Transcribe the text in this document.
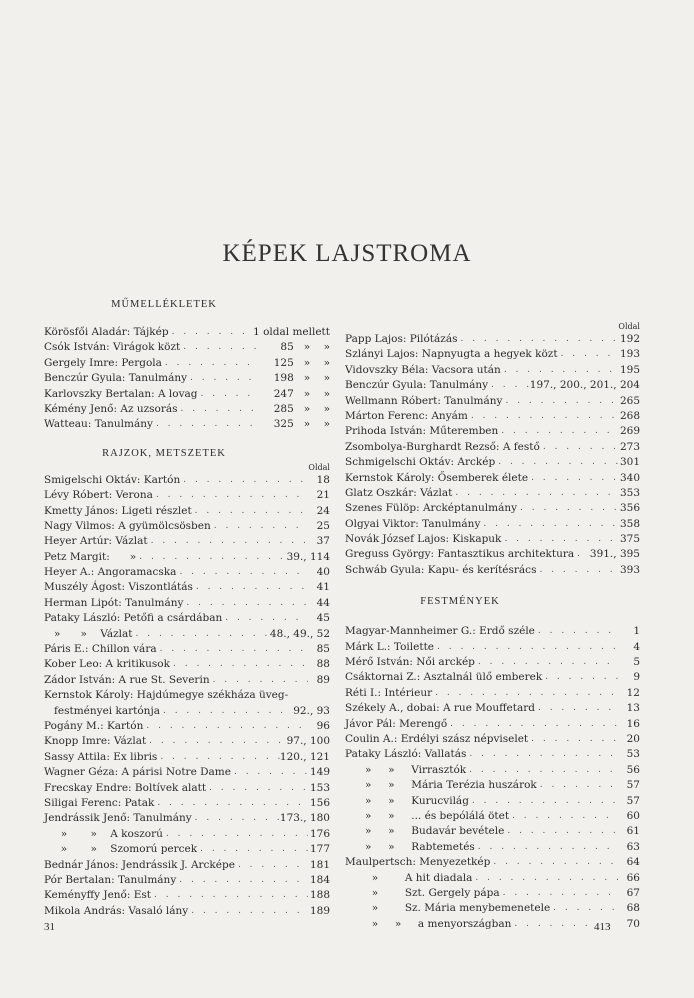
KÉPEK LAJSTROMA
MŰMELLÉKLETEK
Körösfői Aladár: Tájkép . . .	1 oldal mellett
Csók István: Virágok közt . . .	85   »    »
Gergely Imre: Pergola . . .	125   »    »
Benczúr Gyula: Tanulmány . . .	198   »    »
Karlovszky Bertalan: A lovag . . .	247   »    »
Kémény Jenő: Az uzsorás . . .	285   »    »
Watteau: Tanulmány . . .	325   »    »
RAJZOK, METSZETEK
Oldal
Smigelschi Oktáv: Kartón . . .	18
Lévy Róbert: Verona . . .	21
Kmetty János: Ligeti részlet . . .	24
Nagy Vilmos: A gyümölcsösben . . .	25
Heyer Artúr: Vázlat . . .	37
Petz Margit:      » . . .	39., 114
Heyer A.: Angoramacska . . .	40
Muszély Ágost: Viszontlátás . . .	41
Herman Lipót: Tanulmány . . .	44
Pataky László: Petőfi a csárdában . . .	45
»      »    Vázlat . . .	48., 49., 52
Páris E.: Chillon vára . . .	85
Kober Leo: A kritikusok . . .	88
Zádor István: A rue St. Severin . . .	89
Kernstok Károly: Hajdúmegye székháza üveg-
festményei kartónja . . .	92., 93
Pogány M.: Kartón . . .	96
Knopp Imre: Vázlat . . .	97., 100
Sassy Attila: Ex libris . . .	120., 121
Wagner Géza: A párisi Notre Dame . . .	149
Frecskay Endre: Boltívek alatt . . .	153
Siligai Ferenc: Patak . . .	156
Jendrássik Jenő: Tanulmány . . .	173., 180
»       »    A koszorú . . .	176
»       »    Szomorú percek . . .	177
Bednár János: Jendrássik J. Arcképe . . .	181
Pór Bertalan: Tanulmány . . .	184
Keményffy Jenő: Est . . .	188
Mikola András: Vasaló lány . . .	189
Oldal
Papp Lajos: Pilótázás . . .	192
Szlányi Lajos: Napnyugta a hegyek közt . . .	193
Vidovszky Béla: Vacsora után . . .	195
Benczúr Gyula: Tanulmány . . .	197., 200., 201., 204
Wellmann Róbert: Tanulmány . . .	265
Márton Ferenc: Anyám . . .	268
Prihoda István: Műteremben . . .	269
Zsombolya-Burghardt Rezső: A festő . . .	273
Schmigelschi Oktáv: Arckép . . .	301
Kernstok Károly: Ősemberek élete . . .	340
Glatz Oszkár: Vázlat . . .	353
Szenes Fülöp: Arcképtanulmány . . .	356
Olgyai Viktor: Tanulmány . . .	358
Novák József Lajos: Kiskapuk . . .	375
Greguss György: Fantasztikus architektura . . . 391., 395
Schwáb Gyula: Kapu- és kerítésrács . . .	393
FESTMÉNYEK
Magyar-Mannheimer G.: Erdő széle . . .	1
Márk L.: Toilette . . .	4
Mérő István: Női arckép . . .	5
Csáktornai Z.: Asztalnál ülő emberek . . .	9
Réti I.: Intérieur . . .	12
Székely A., dobai: A rue Mouffetard . . .	13
Jávor Pál: Merengő . . .	16
Coulin A.: Erdélyi szász népviselet . . .	20
Pataky László: Vallatás . . .	53
»     »     Virrasztók . . .	56
»     »     Mária Terézia huszárok . . .	57
»     »     Kurucvilág . . .	57
»     »     ... és bepólálá ötet . . .	60
»     »     Budavár bevétele . . .	61
»     »     Rabtemetés . . .	63
Maulpertsch: Menyezetkép . . .	64
»        A hit diadala . . .	66
»        Szt. Gergely pápa . . .	67
»        Sz. Mária menybemenetele . . .	68
»     »     a menyországban . . .	70
31	413
